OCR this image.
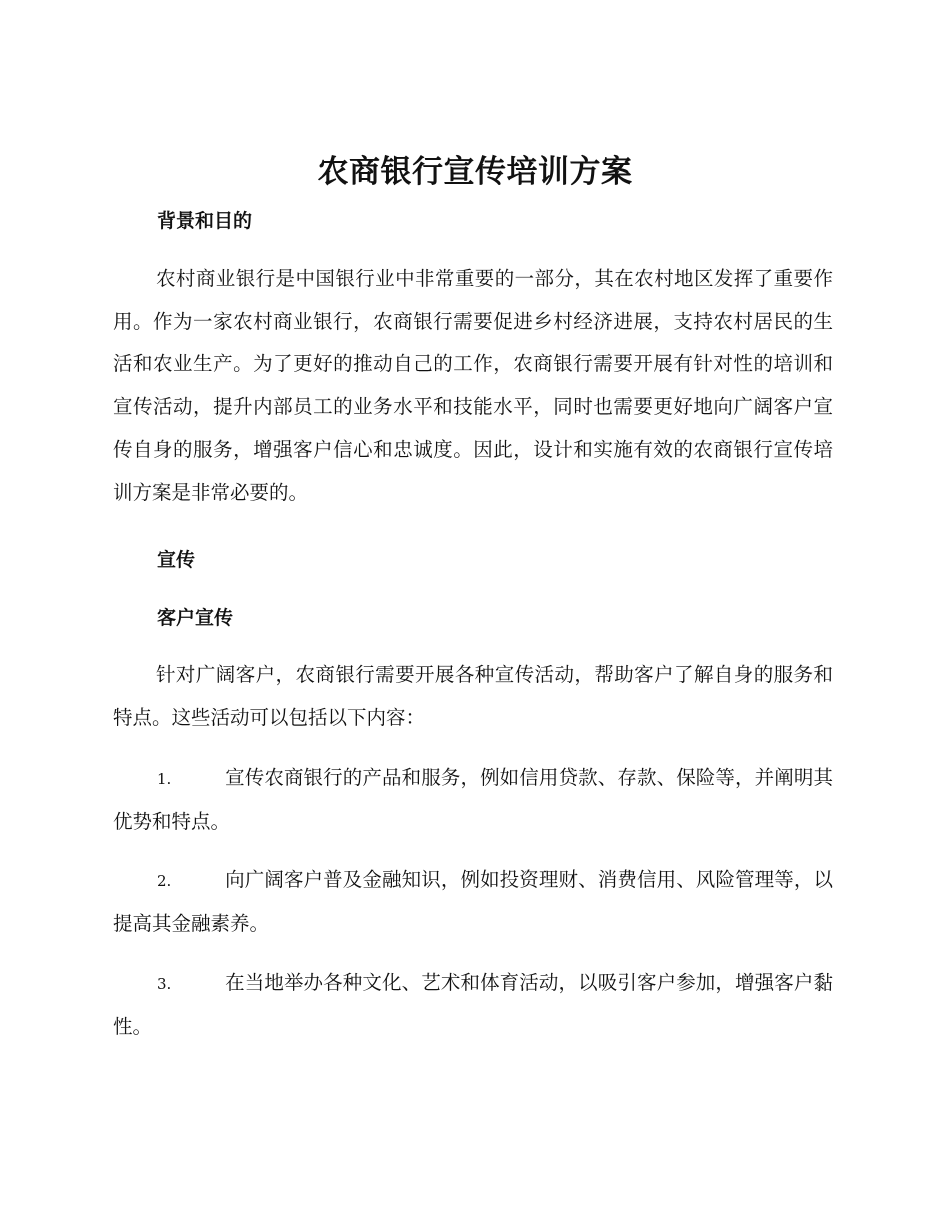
农商银行宣传培训方案
背景和目的

农村商业银行是中国银行业中非常重要的一部分，其在农村地区发挥了重要作用。作为一家农村商业银行，农商银行需要促进乡村经济进展，支持农村居民的生活和农业生产。为了更好的推动自己的工作，农商银行需要开展有针对性的培训和宣传活动，提升内部员工的业务水平和技能水平，同时也需要更好地向广阔客户宣传自身的服务，增强客户信心和忠诚度。因此，设计和实施有效的农商银行宣传培训方案是非常必要的。

宣传
客户宣传

针对广阔客户，农商银行需要开展各种宣传活动，帮助客户了解自身的服务和特点。这些活动可以包括以下内容：

1.	宣传农商银行的产品和服务，例如信用贷款、存款、保险等，并阐明其优势和特点。

2.	向广阔客户普及金融知识，例如投资理财、消费信用、风险管理等，以提高其金融素养。

3.	在当地举办各种文化、艺术和体育活动，以吸引客户参加，增强客户黏性。
